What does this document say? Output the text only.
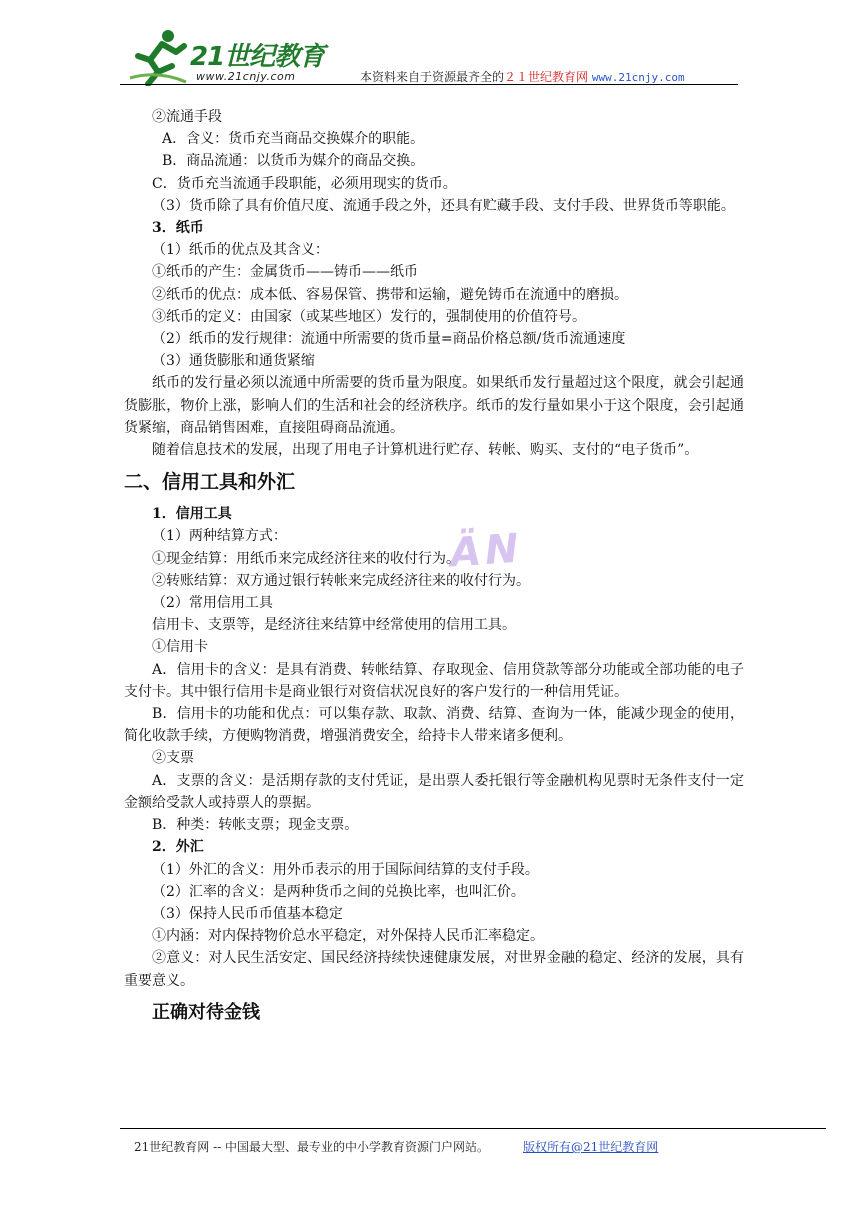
21世纪教育
www.21cnjy.com	本资料来自于资源最齐全的２１世纪教育网 www.21cnjy.com
ÄN

②流通手段

A．含义：货币充当商品交换媒介的职能。

B．商品流通：以货币为媒介的商品交换。

C．货币充当流通手段职能，必须用现实的货币。

（3）货币除了具有价值尺度、流通手段之外，还具有贮藏手段、支付手段、世界货币等职能。

3．纸币

（1）纸币的优点及其含义：

①纸币的产生：金属货币——铸币——纸币

②纸币的优点：成本低、容易保管、携带和运输，避免铸币在流通中的磨损。

③纸币的定义：由国家（或某些地区）发行的，强制使用的价值符号。

（2）纸币的发行规律：流通中所需要的货币量=商品价格总额/货币流通速度

（3）通货膨胀和通货紧缩

纸币的发行量必须以流通中所需要的货币量为限度。如果纸币发行量超过这个限度，就会引起通货膨胀，物价上涨，影响人们的生活和社会的经济秩序。纸币的发行量如果小于这个限度，会引起通货紧缩，商品销售困难，直接阻碍商品流通。

随着信息技术的发展，出现了用电子计算机进行贮存、转帐、购买、支付的“电子货币”。

二、信用工具和外汇

1．信用工具

（1）两种结算方式：

①现金结算：用纸币来完成经济往来的收付行为。

②转账结算：双方通过银行转帐来完成经济往来的收付行为。

（2）常用信用工具

信用卡、支票等，是经济往来结算中经常使用的信用工具。

①信用卡

A．信用卡的含义：是具有消费、转帐结算、存取现金、信用贷款等部分功能或全部功能的电子支付卡。其中银行信用卡是商业银行对资信状况良好的客户发行的一种信用凭证。

B．信用卡的功能和优点：可以集存款、取款、消费、结算、查询为一体，能减少现金的使用，简化收款手续，方便购物消费，增强消费安全，给持卡人带来诸多便利。

②支票

A．支票的含义：是活期存款的支付凭证，是出票人委托银行等金融机构见票时无条件支付一定金额给受款人或持票人的票据。

B．种类：转帐支票；现金支票。

2．外汇

（1）外汇的含义：用外币表示的用于国际间结算的支付手段。

（2）汇率的含义：是两种货币之间的兑换比率，也叫汇价。

（3）保持人民币币值基本稳定

①内涵：对内保持物价总水平稳定，对外保持人民币汇率稳定。

②意义：对人民生活安定、国民经济持续快速健康发展，对世界金融的稳定、经济的发展，具有重要意义。

正确对待金钱

21世纪教育网 -- 中国最大型、最专业的中小学教育资源门户网站。	版权所有@21世纪教育网
